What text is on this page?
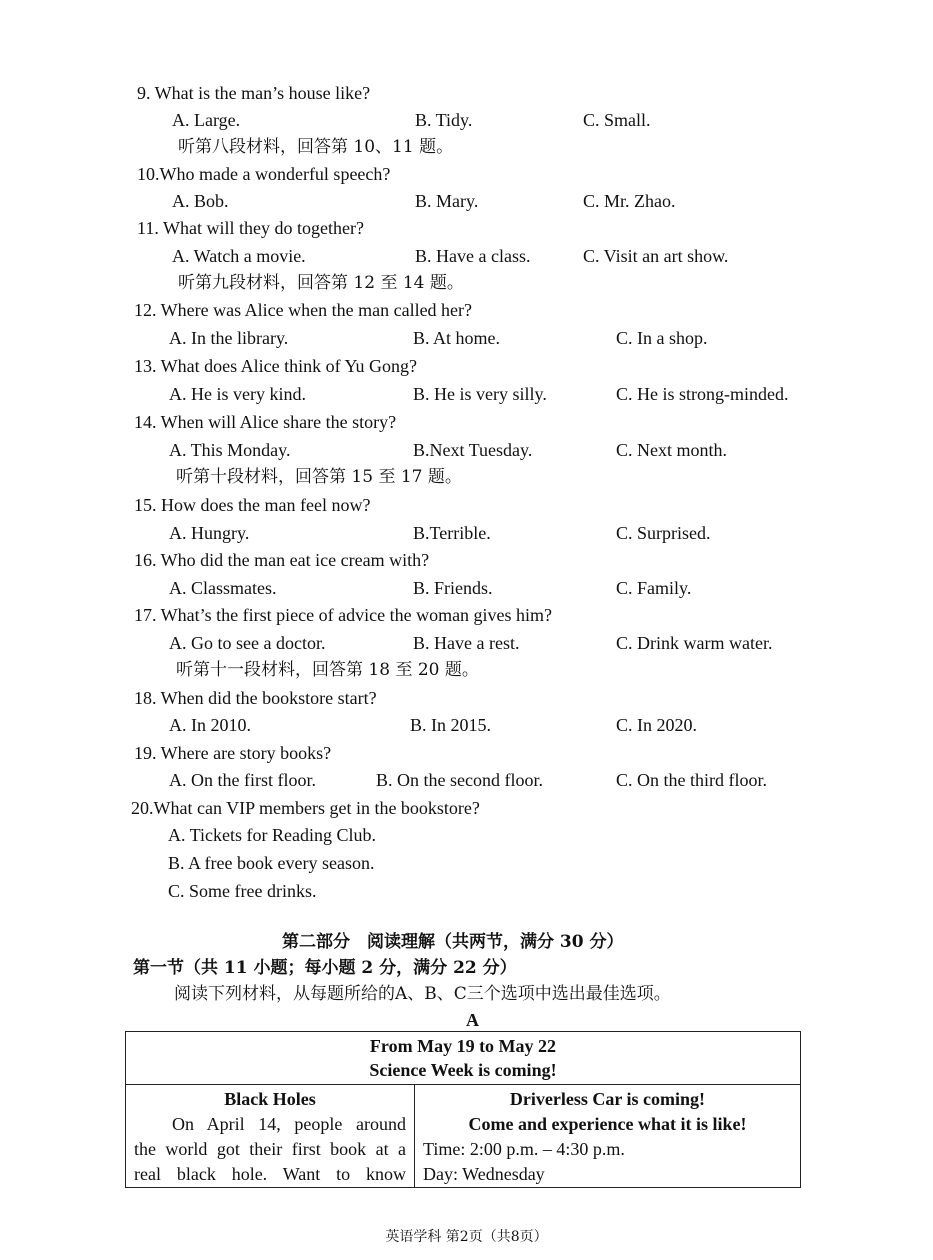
9. What is the man’s house like?
A. Large.	B. Tidy.	C. Small.
听第八段材料，回答第 10、11 题。
10.Who made a wonderful speech?
A. Bob.	B. Mary.	C. Mr. Zhao.
11. What will they do together?
A. Watch a movie.	B. Have a class.	C. Visit an art show.
听第九段材料，回答第 12 至 14 题。
12. Where was Alice when the man called her?
A. In the library.	B. At home.	C. In a shop.
13. What does Alice think of Yu Gong?
A. He is very kind.	B. He is very silly.	C. He is strong-minded.
14. When will Alice share the story?
A. This Monday.	B.Next Tuesday.	C. Next month.
听第十段材料，回答第 15 至 17 题。
15. How does the man feel now?
A. Hungry.	B.Terrible.	C. Surprised.
16. Who did the man eat ice cream with?
A. Classmates.	B. Friends.	C. Family.
17. What’s the first piece of advice the woman gives him?
A. Go to see a doctor.	B. Have a rest.	C. Drink warm water.
听第十一段材料，回答第 18 至 20 题。
18. When did the bookstore start?
A. In 2010.	B. In 2015.	C. In 2020.
19. Where are story books?
A. On the first floor.	B. On the second floor.	C. On the third floor.
20.What can VIP members get in the bookstore?
A. Tickets for Reading Club.
B. A free book every season.
C. Some free drinks.
第二部分　阅读理解（共两节，满分 30 分）
第一节（共 11 小题；每小题 2 分，满分 22 分）
阅读下列材料，从每题所给的A、B、C三个选项中选出最佳选项。
A
From May 19 to May 22
Science Week is coming!

Black Holes
On April 14, people around
the world got their first book at a
real black hole. Want to know

Driverless Car is coming!
Come and experience what it is like!
Time: 2:00 p.m. – 4:30 p.m.
Day: Wednesday
英语学科 第2页（共8页）
